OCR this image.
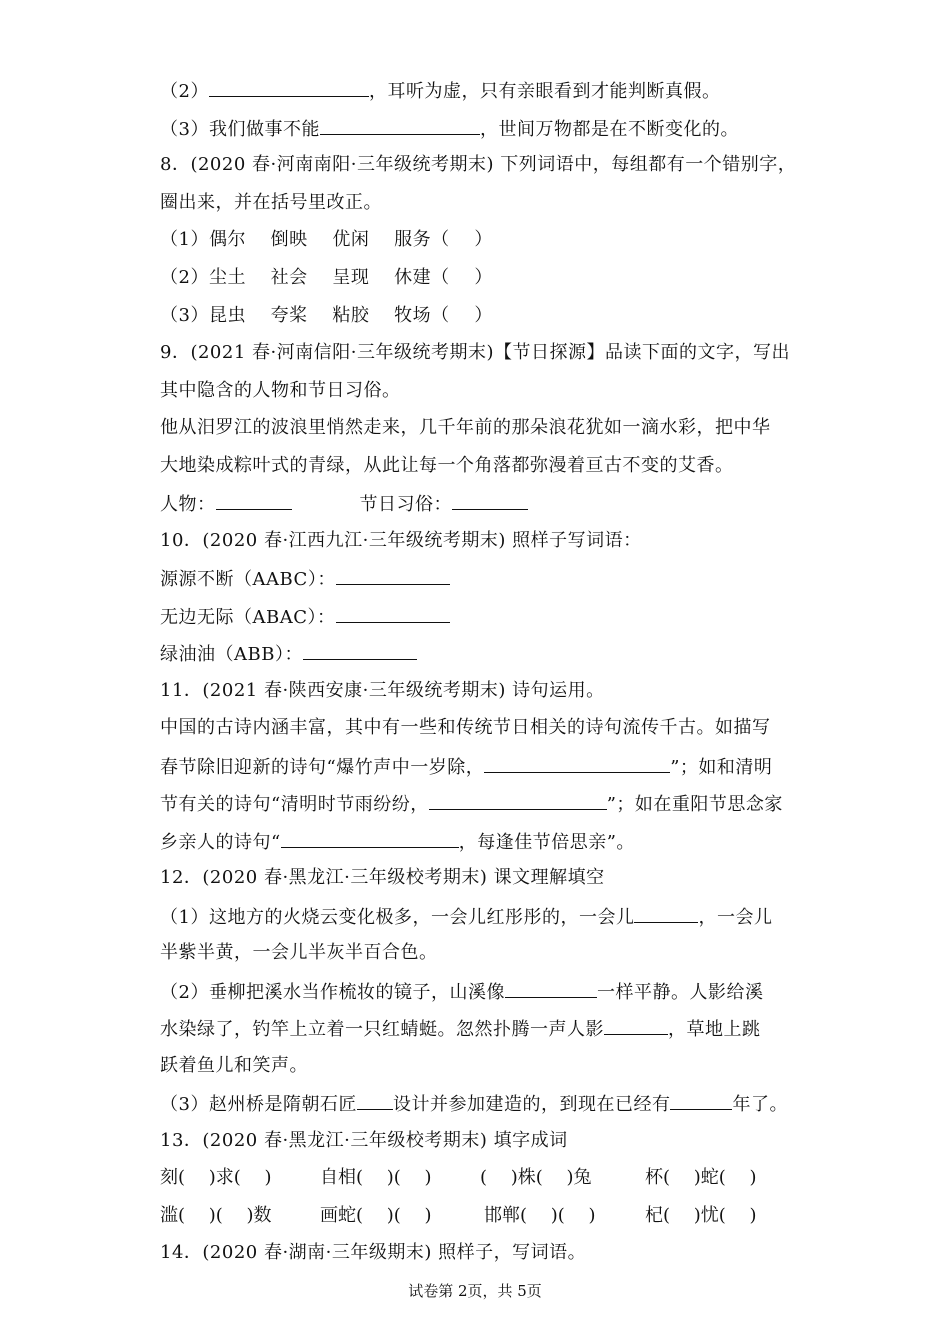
（2）	，耳听为虚，只有亲眼看到才能判断真假。
（3）我们做事不能	，世间万物都是在不断变化的。
8．(2020 春·河南南阳·三年级统考期末) 下列词语中，每组都有一个错别字，
圈出来，并在括号里改正。
（1）偶尔　 倒映　 优闲　 服务（　 ）
（2）尘土　 社会　 呈现　 休建（　 ）
（3）昆虫　 夸桨　 粘胶　 牧场（　 ）
9．(2021 春·河南信阳·三年级统考期末)【节日探源】品读下面的文字，写出
其中隐含的人物和节日习俗。
他从汨罗江的波浪里悄然走来，几千年前的那朵浪花犹如一滴水彩，把中华
大地染成粽叶式的青绿，从此让每一个角落都弥漫着亘古不变的艾香。
人物：	节日习俗：
10．(2020 春·江西九江·三年级统考期末) 照样子写词语：
源源不断（AABC）：
无边无际（ABAC）：
绿油油（ABB）：
11．(2021 春·陕西安康·三年级统考期末) 诗句运用。
中国的古诗内涵丰富，其中有一些和传统节日相关的诗句流传千古。如描写
春节除旧迎新的诗句“爆竹声中一岁除，	”；如和清明
节有关的诗句“清明时节雨纷纷，	”；如在重阳节思念家
乡亲人的诗句“	，每逢佳节倍思亲”。
12．(2020 春·黑龙江·三年级校考期末) 课文理解填空
（1）这地方的火烧云变化极多，一会儿红彤彤的，一会儿	，一会儿
半紫半黄，一会儿半灰半百合色。
（2）垂柳把溪水当作梳妆的镜子，山溪像	一样平静。人影给溪
水染绿了，钓竿上立着一只红蜻蜓。忽然扑腾一声人影	，草地上跳
跃着鱼儿和笑声。
（3）赵州桥是隋朝石匠 设计并参加建造的，到现在已经有	年了。
13．(2020 春·黑龙江·三年级校考期末) 填字成词
刻(　 )求(　 )	自相(　 )(　 )	(　 )株(　 )兔	杯(　 )蛇(　 )
滥(　 )(　 )数	画蛇(　 )(　 )	邯郸(　 )(　 )	杞(　 )忧(　 )
14．(2020 春·湖南·三年级期末) 照样子，写词语。
试卷第 2页，共 5页
